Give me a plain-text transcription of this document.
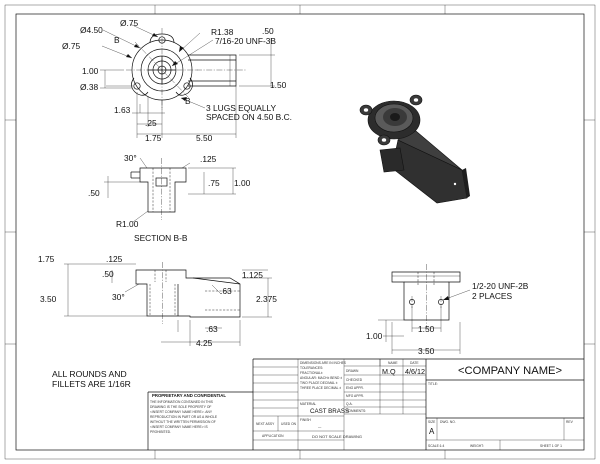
Ø4.50
Ø.75
Ø.75
Ø.38
B
B
R1.38
7/16-20 UNF-3B
.50
1.00
1.50
1.63
.25
1.75	5.50
3 LUGS EQUALLY
SPACED ON 4.50 B.C.
30°	.125
.75 1.00
.50
R1.00
SECTION B-B
1.75	.125
.50
3.50	30°
.63
1.125
2.375
.63
4.25
1/2-20 UNF-2B
2 PLACES
1.00
1.50
3.50
ALL ROUNDS AND
FILLETS ARE 1/16R
PROPRIETARY AND CONFIDENTIAL
THE INFORMATION CONTAINED IN THIS
DRAWING IS THE SOLE PROPERTY OF
<INSERT COMPANY NAME HERE>. ANY
REPRODUCTION IN PART OR AS A WHOLE
WITHOUT THE WRITTEN PERMISSION OF
<INSERT COMPANY NAME HERE> IS
PROHIBITED.
NEXT ASSY USED ON
APPLICATION
DIMENSIONS ARE IN INCHES
TOLERANCES:
FRACTIONAL±
ANGULAR: MACH± BEND ±
TWO PLACE DECIMAL ±
THREE PLACE DECIMAL ±
MATERIAL
CAST BRASS
FINISH
—
DO NOT SCALE DRAWING
NAME	DATE
DRAWN	M.Q 4/6/12
CHECKED
ENG APPR.
MFG APPR.
Q.A.
COMMENTS:
<COMPANY NAME>
TITLE:
SIZE
A
DWG. NO.	REV
SCALE:1:4	WEIGHT:	SHEET 1 OF 1
